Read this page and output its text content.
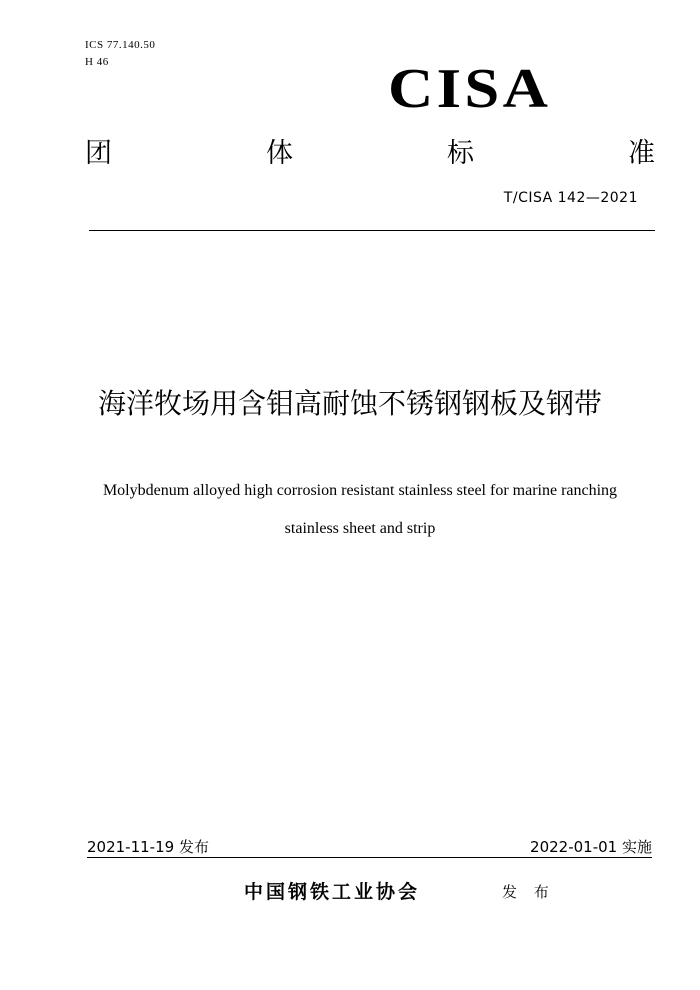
ICS 77.140.50
H 46	CISA
团	体	标	准
T/CISA 142—2021
海洋牧场用含钼高耐蚀不锈钢钢板及钢带
Molybdenum alloyed high corrosion resistant stainless steel for marine ranching
stainless sheet and strip
2021-11-19 发布	2022-01-01 实施
中国钢铁工业协会	发 布
